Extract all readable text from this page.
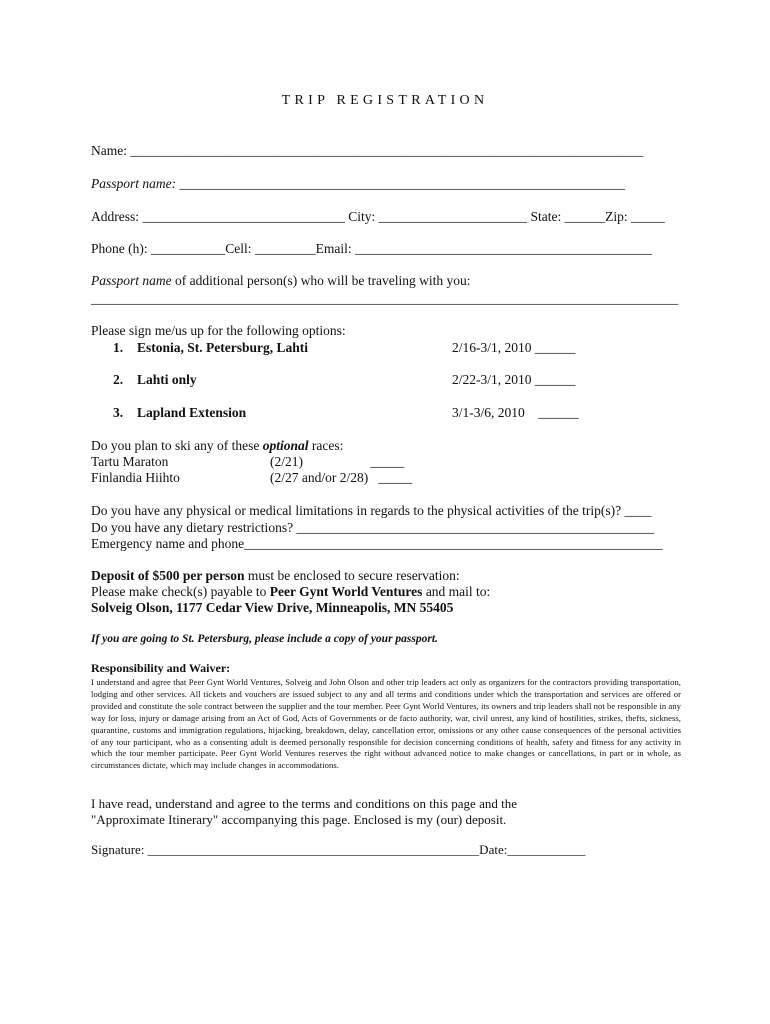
TRIP REGISTRATION
Name: ____________________________________________________________________________
Passport name: __________________________________________________________________
Address: ______________________________ City: ______________________ State: ______Zip: _____
Phone (h): ___________Cell: _________Email: ____________________________________________
Passport name of additional person(s) who will be traveling with you:
_______________________________________________________________________________________
Please sign me/us up for the following options:
1. Estonia, St. Petersburg, Lahti	2/16-3/1, 2010 ______
2. Lahti only	2/22-3/1, 2010 ______
3. Lapland Extension	3/1-3/6, 2010    ______
Do you plan to ski any of these optional races:
Tartu Maraton	(2/21)                    _____
Finlandia Hiihto	(2/27 and/or 2/28)   _____
Do you have any physical or medical limitations in regards to the physical activities of the trip(s)? ____
Do you have any dietary restrictions? _____________________________________________________
Emergency name and phone______________________________________________________________
Deposit of $500 per person must be enclosed to secure reservation:
Please make check(s) payable to Peer Gynt World Ventures and mail to:
Solveig Olson, 1177 Cedar View Drive, Minneapolis, MN 55405
If you are going to St. Petersburg, please include a copy of your passport.
Responsibility and Waiver:
I understand and agree that Peer Gynt World Ventures, Solveig and John Olson and other trip leaders act only as organizers for the contractors providing transportation, lodging and other services. All tickets and vouchers are issued subject to any and all terms and conditions under which the transportation and services are offered or provided and constitute the sole contract between the supplier and the tour member. Peer Gynt World Ventures, its owners and trip leaders shall not be responsible in any way for loss, injury or damage arising from an Act of God, Acts of Governments or de facto authority, war, civil unrest, any kind of hostilities, strikes, thefts, sickness, quarantine, customs and immigration regulations, hijacking, breakdown, delay, cancellation error, omissions or any other cause consequences of the personal activities of any tour participant, who as a consenting adult is deemed personally responsible for decision concerning conditions of health, safety and fitness for any activity in which the tour member participate. Peer Gynt World Ventures reserves the right without advanced notice to make changes or cancellations, in part or in whole, as circumstances dictate, which may include changes in accommodations.
I have read, understand and agree to the terms and conditions on this page and the
"Approximate Itinerary" accompanying this page. Enclosed is my (our) deposit.
Signature: ___________________________________________________Date:____________
